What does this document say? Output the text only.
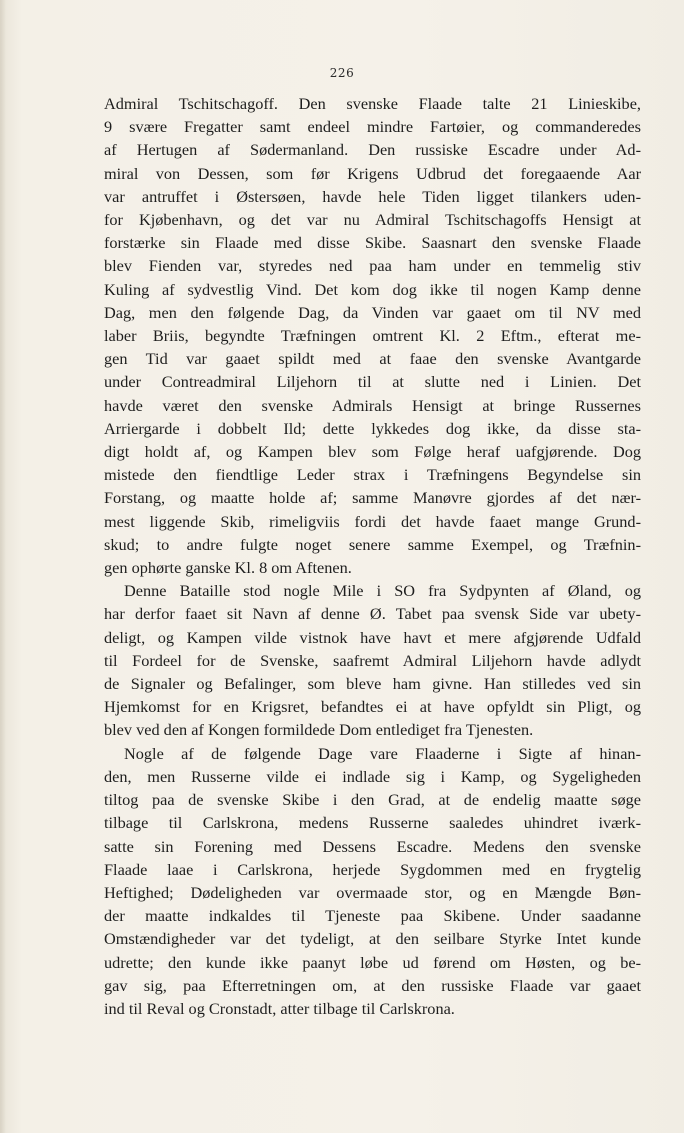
226
Admiral Tschitschagoff. Den svenske Flaade talte 21 Linieskibe,
9 svære Fregatter samt endeel mindre Fartøier, og commanderedes
af Hertugen af Sødermanland. Den russiske Escadre under Ad-
miral von Dessen, som før Krigens Udbrud det foregaaende Aar
var antruffet i Østersøen, havde hele Tiden ligget tilankers uden-
for Kjøbenhavn, og det var nu Admiral Tschitschagoffs Hensigt at
forstærke sin Flaade med disse Skibe. Saasnart den svenske Flaade
blev Fienden var, styredes ned paa ham under en temmelig stiv
Kuling af sydvestlig Vind. Det kom dog ikke til nogen Kamp denne
Dag, men den følgende Dag, da Vinden var gaaet om til NV med
laber Briis, begyndte Træfningen omtrent Kl. 2 Eftm., efterat me-
gen Tid var gaaet spildt med at faae den svenske Avantgarde
under Contreadmiral Liljehorn til at slutte ned i Linien. Det
havde været den svenske Admirals Hensigt at bringe Russernes
Arriergarde i dobbelt Ild; dette lykkedes dog ikke, da disse sta-
digt holdt af, og Kampen blev som Følge heraf uafgjørende. Dog
mistede den fiendtlige Leder strax i Træfningens Begyndelse sin
Forstang, og maatte holde af; samme Manøvre gjordes af det nær-
mest liggende Skib, rimeligviis fordi det havde faaet mange Grund-
skud; to andre fulgte noget senere samme Exempel, og Træfnin-
gen ophørte ganske Kl. 8 om Aftenen.
Denne Bataille stod nogle Mile i SO fra Sydpynten af Øland, og
har derfor faaet sit Navn af denne Ø. Tabet paa svensk Side var ubety-
deligt, og Kampen vilde vistnok have havt et mere afgjørende Udfald
til Fordeel for de Svenske, saafremt Admiral Liljehorn havde adlydt
de Signaler og Befalinger, som bleve ham givne. Han stilledes ved sin
Hjemkomst for en Krigsret, befandtes ei at have opfyldt sin Pligt, og
blev ved den af Kongen formildede Dom entlediget fra Tjenesten.
Nogle af de følgende Dage vare Flaaderne i Sigte af hinan-
den, men Russerne vilde ei indlade sig i Kamp, og Sygeligheden
tiltog paa de svenske Skibe i den Grad, at de endelig maatte søge
tilbage til Carlskrona, medens Russerne saaledes uhindret iværk-
satte sin Forening med Dessens Escadre. Medens den svenske
Flaade laae i Carlskrona, herjede Sygdommen med en frygtelig
Heftighed; Dødeligheden var overmaade stor, og en Mængde Bøn-
der maatte indkaldes til Tjeneste paa Skibene. Under saadanne
Omstændigheder var det tydeligt, at den seilbare Styrke Intet kunde
udrette; den kunde ikke paanyt løbe ud førend om Høsten, og be-
gav sig, paa Efterretningen om, at den russiske Flaade var gaaet
ind til Reval og Cronstadt, atter tilbage til Carlskrona.
